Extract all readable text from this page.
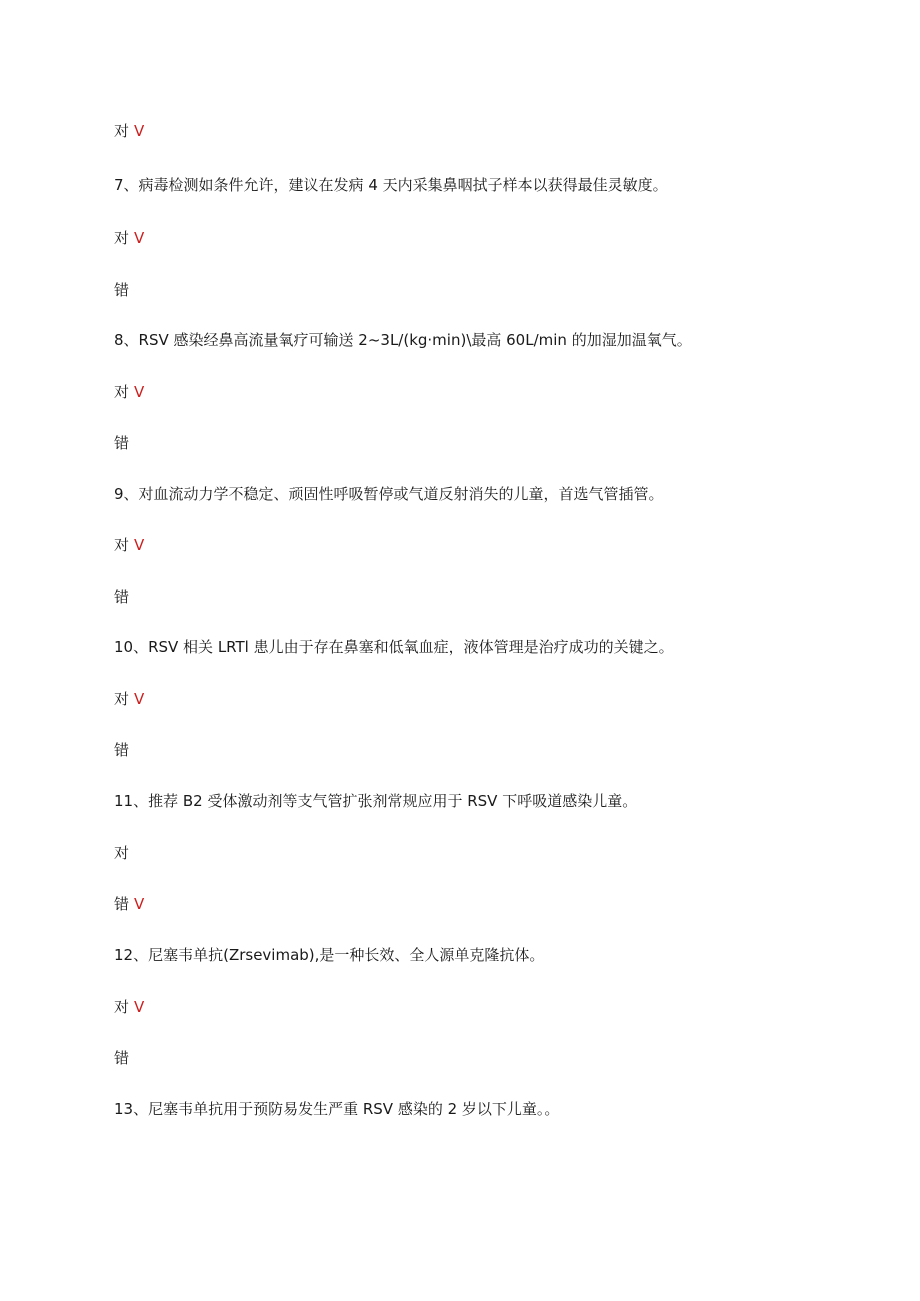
对 V
7、病毒检测如条件允许，建议在发病 4 天内采集鼻咽拭子样本以获得最佳灵敏度。
对 V
错
8、RSV 感染经鼻高流量氧疗可输送 2~3L/(kg·min)\最高 60L/min 的加湿加温氧气。
对 V
错
9、对血流动力学不稳定、顽固性呼吸暂停或气道反射消失的儿童，首选气管插管。
对 V
错
10、RSV 相关 LRTl 患儿由于存在鼻塞和低氧血症，液体管理是治疗成功的关键之。
对 V
错
11、推荐 B2 受体激动剂等支气管扩张剂常规应用于 RSV 下呼吸道感染儿童。
对
错 V
12、尼塞韦单抗(Zrsevimab),是一种长效、全人源单克隆抗体。
对 V
错
13、尼塞韦单抗用于预防易发生严重 RSV 感染的 2 岁以下儿童。。
